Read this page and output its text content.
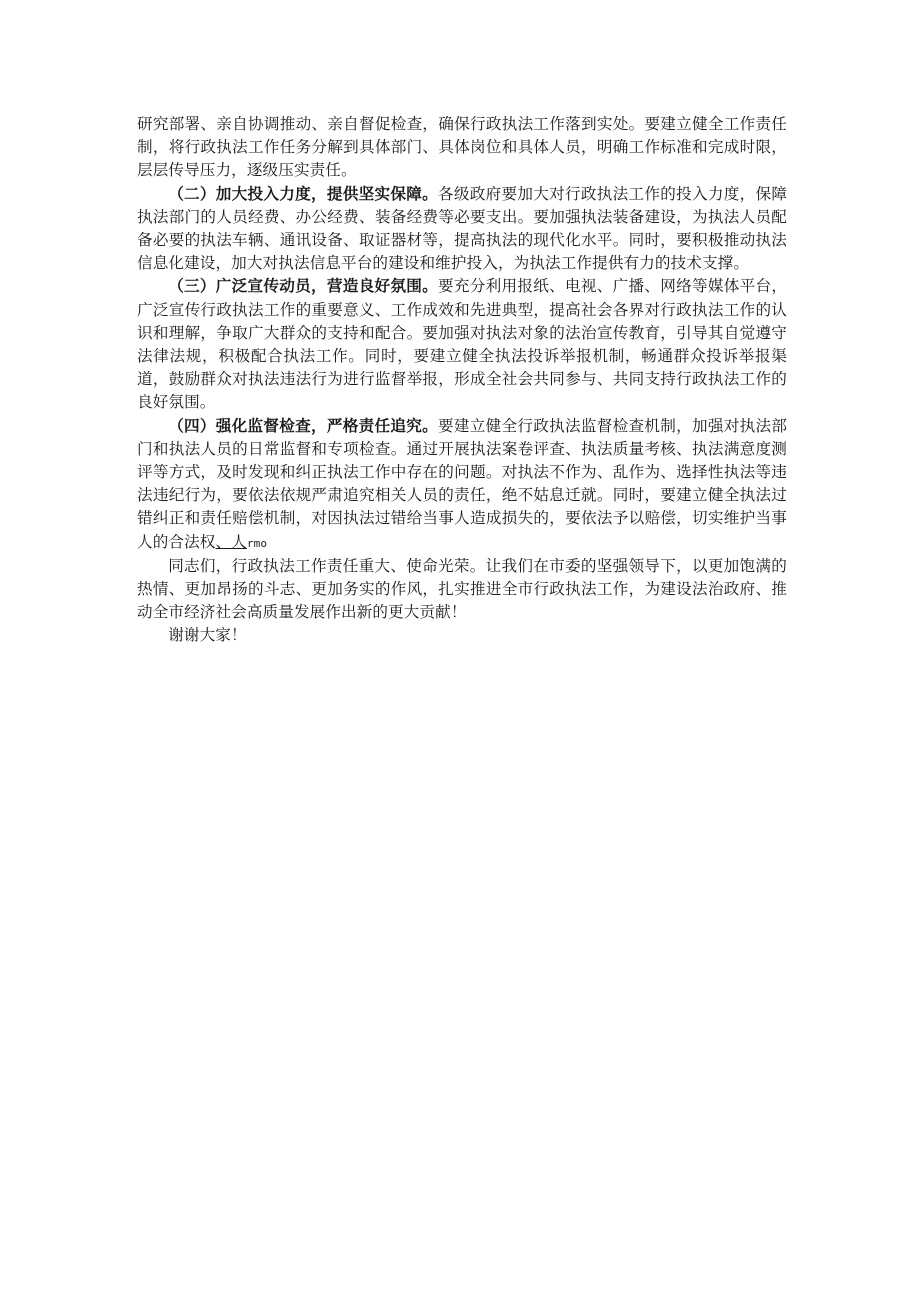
研究部署、亲自协调推动、亲自督促检查，确保行政执法工作落到实处。要建立健全工作责任制，将行政执法工作任务分解到具体部门、具体岗位和具体人员，明确工作标准和完成时限，层层传导压力，逐级压实责任。

（二）加大投入力度，提供坚实保障。各级政府要加大对行政执法工作的投入力度，保障执法部门的人员经费、办公经费、装备经费等必要支出。要加强执法装备建设，为执法人员配备必要的执法车辆、通讯设备、取证器材等，提高执法的现代化水平。同时，要积极推动执法信息化建设，加大对执法信息平台的建设和维护投入，为执法工作提供有力的技术支撑。

（三）广泛宣传动员，营造良好氛围。要充分利用报纸、电视、广播、网络等媒体平台，广泛宣传行政执法工作的重要意义、工作成效和先进典型，提高社会各界对行政执法工作的认识和理解，争取广大群众的支持和配合。要加强对执法对象的法治宣传教育，引导其自觉遵守法律法规，积极配合执法工作。同时，要建立健全执法投诉举报机制，畅通群众投诉举报渠道，鼓励群众对执法违法行为进行监督举报，形成全社会共同参与、共同支持行政执法工作的良好氛围。

（四）强化监督检查，严格责任追究。要建立健全行政执法监督检查机制，加强对执法部门和执法人员的日常监督和专项检查。通过开展执法案卷评查、执法质量考核、执法满意度测评等方式，及时发现和纠正执法工作中存在的问题。对执法不作为、乱作为、选择性执法等违法违纪行为，要依法依规严肃追究相关人员的责任，绝不姑息迁就。同时，要建立健全执法过错纠正和责任赔偿机制，对因执法过错给当事人造成损失的，要依法予以赔偿，切实维护当事人的合法权、人rmo

同志们，行政执法工作责任重大、使命光荣。让我们在市委的坚强领导下，以更加饱满的热情、更加昂扬的斗志、更加务实的作风，扎实推进全市行政执法工作，为建设法治政府、推动全市经济社会高质量发展作出新的更大贡献！

谢谢大家！
